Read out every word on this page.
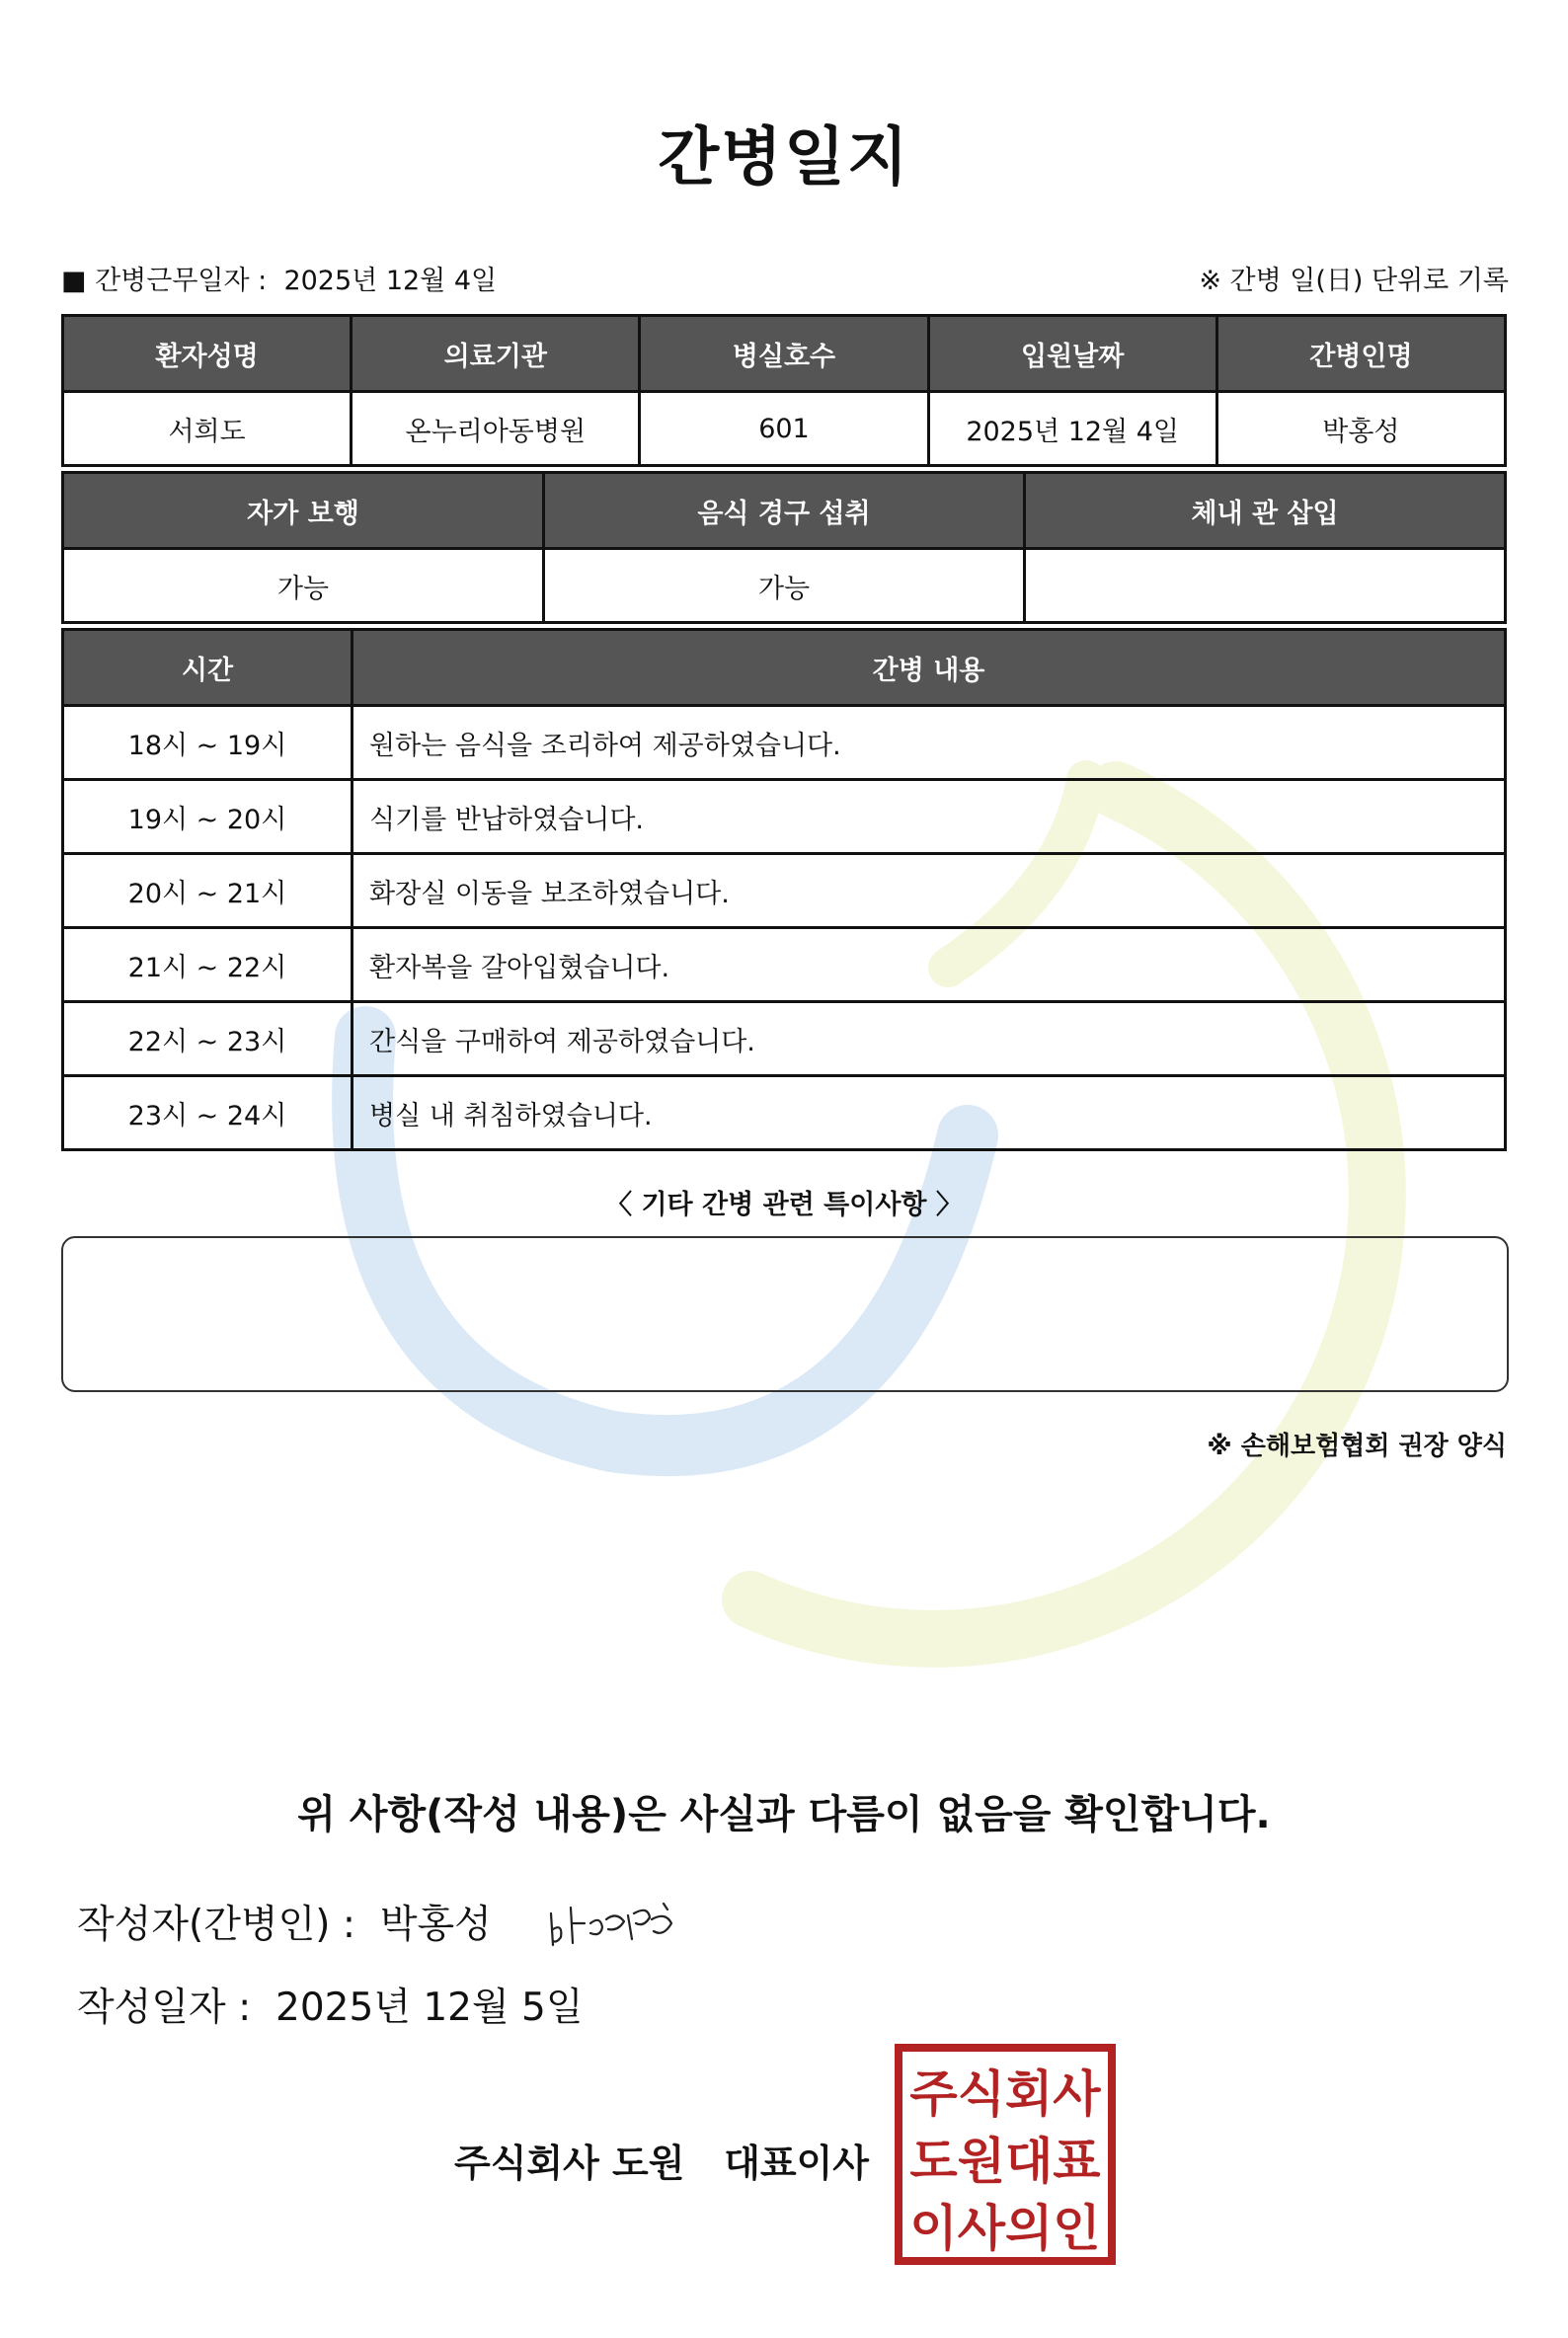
간병일지
■ 간병근무일자 : 2025년 12월 4일	※ 간병 일(日) 단위로 기록
환자성명	의료기관	병실호수	입원날짜	간병인명
서희도	온누리아동병원	601	2025년 12월 4일	박홍성
자가 보행	음식 경구 섭취	체내 관 삽입
가능	가능	
시간	간병 내용
18시 ~ 19시	원하는 음식을 조리하여 제공하였습니다.
19시 ~ 20시	식기를 반납하였습니다.
20시 ~ 21시	화장실 이동을 보조하였습니다.
21시 ~ 22시	환자복을 갈아입혔습니다.
22시 ~ 23시	간식을 구매하여 제공하였습니다.
23시 ~ 24시	병실 내 취침하였습니다.
〈 기타 간병 관련 특이사항 〉
※ 손해보험협회 권장 양식
위 사항(작성 내용)은 사실과 다름이 없음을 확인합니다.
작성자(간병인) : 박홍성
작성일자 : 2025년 12월 5일
주식회사 도원 대표이사
주식회사
도원대표
이사의인
